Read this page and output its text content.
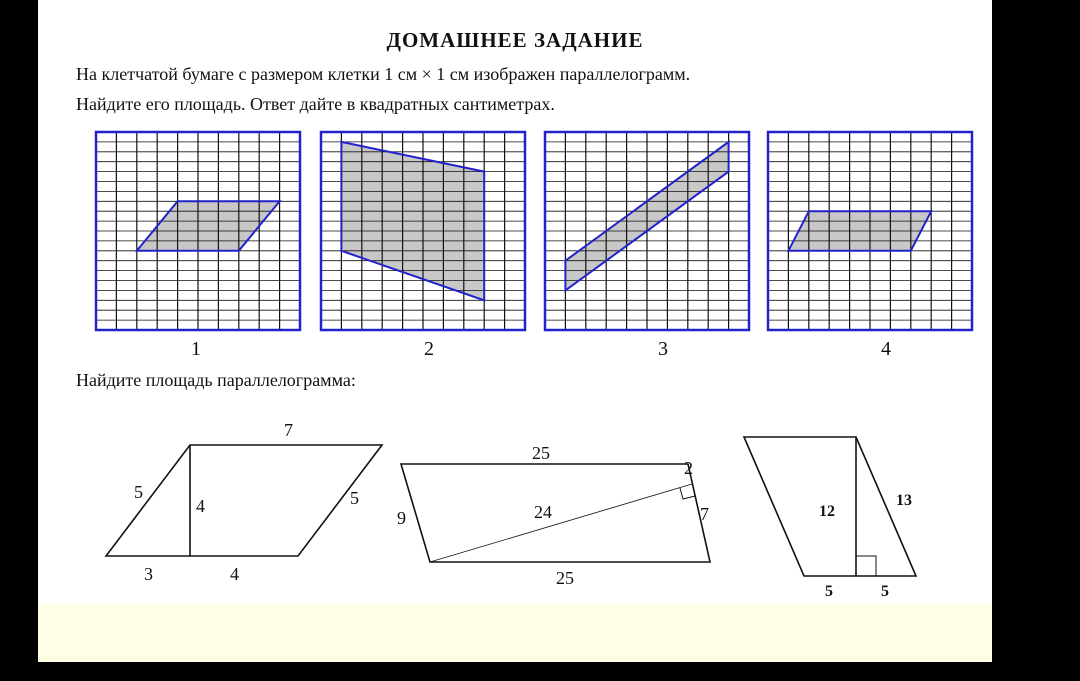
ДОМАШНЕЕ ЗАДАНИЕ
На клетчатой бумаге с размером клетки 1 см × 1 см изображен параллелограмм.
Найдите его площадь. Ответ дайте в квадратных сантиметрах.
1	2	3	4
Найдите площадь параллелограмма:
7
5	5
4
3	4
25
25
9	24
2
7	12
13
5	5
